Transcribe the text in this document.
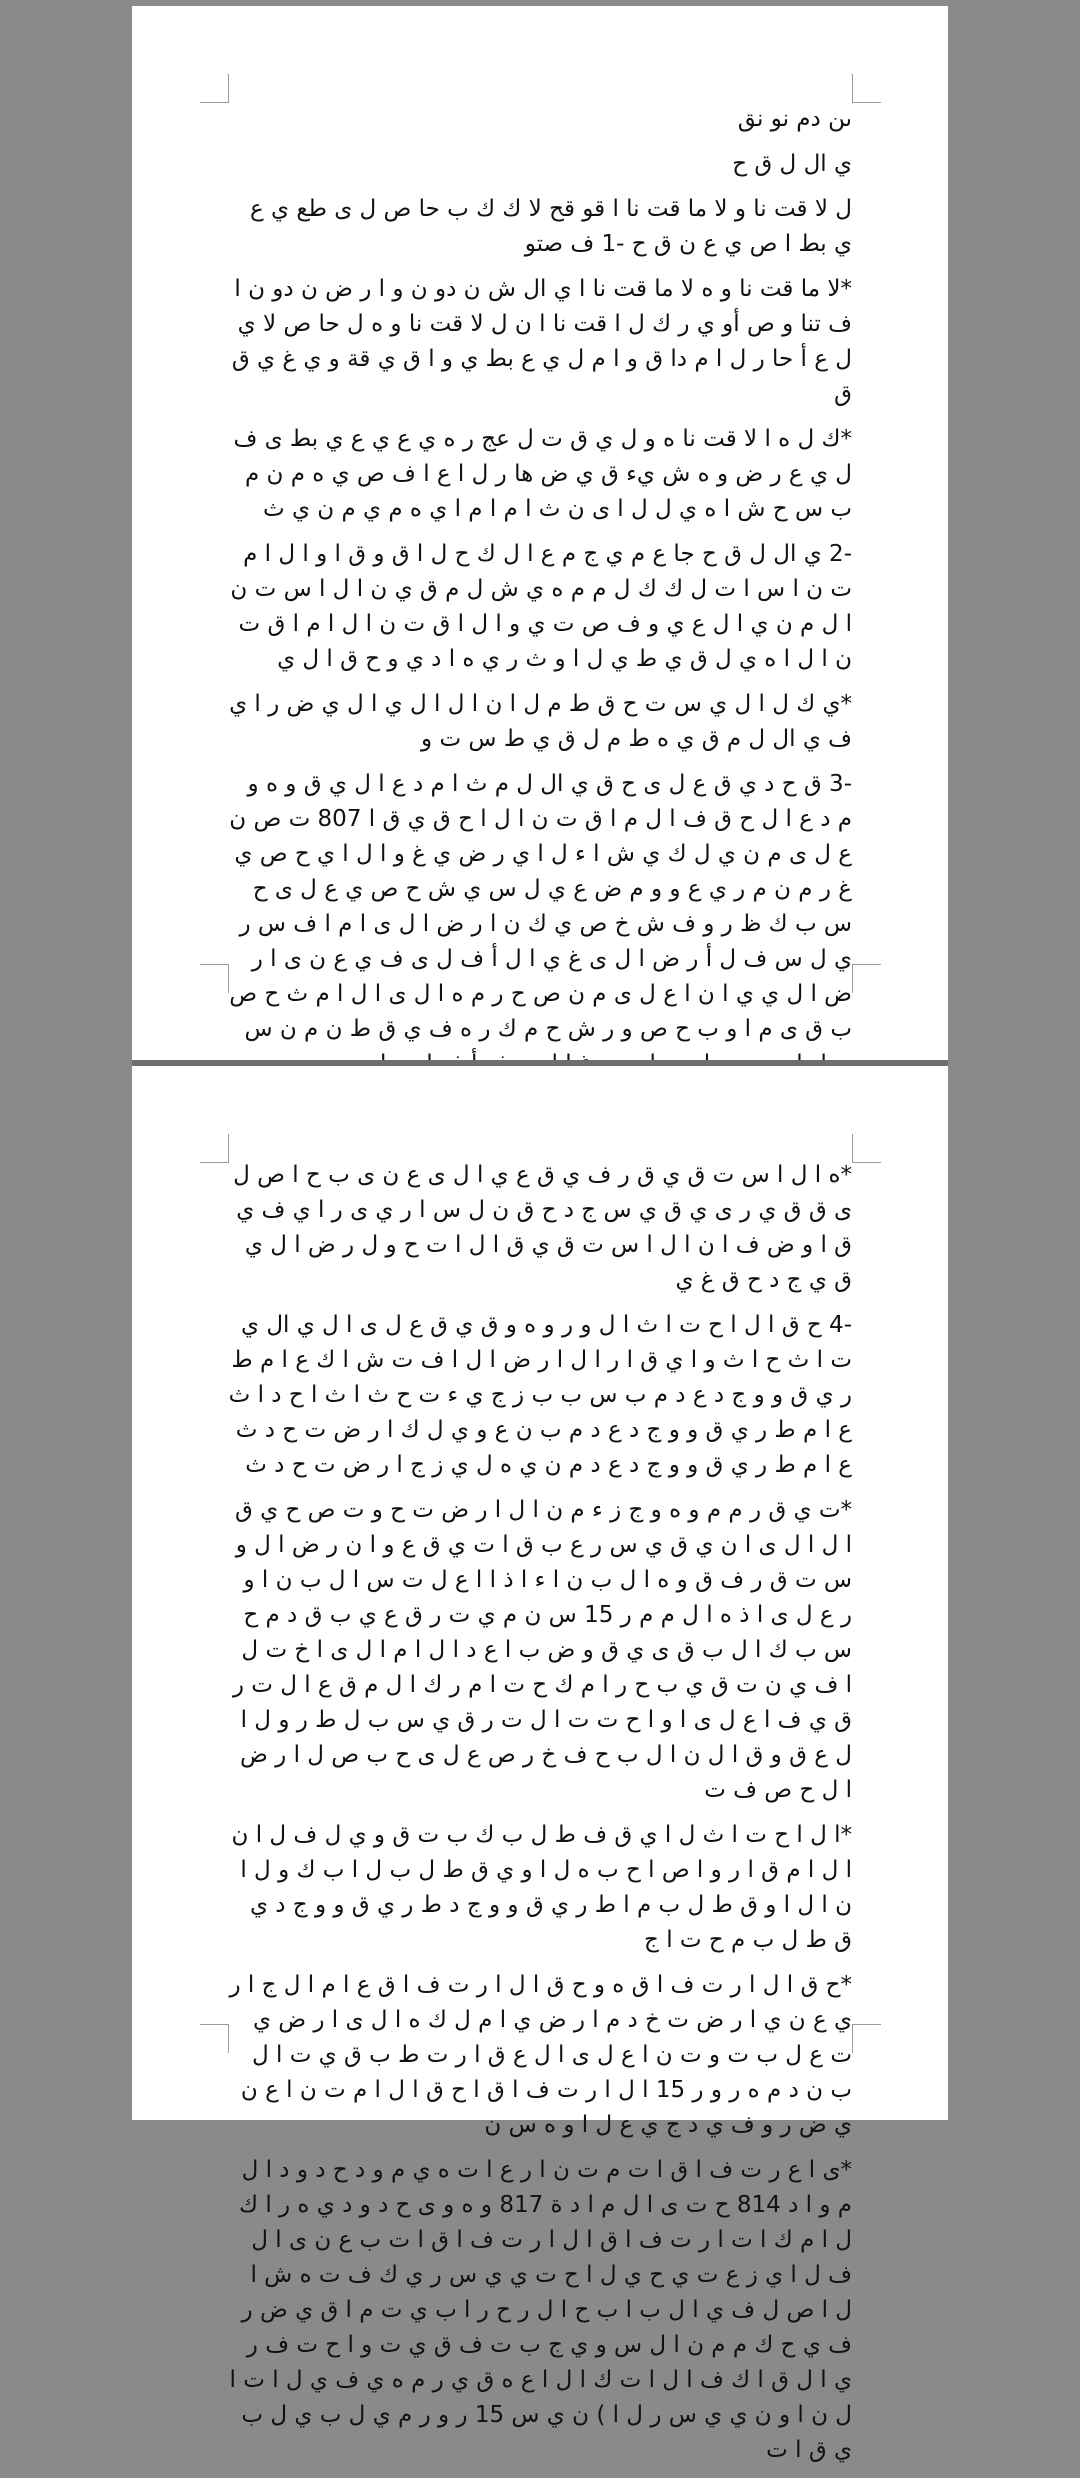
ىن دم نو نق

ي ال ل ق ح

ل لا قت نا و لا ما قت نا ا قو قح لا ك ك ب حا ص ل ى طع ي ع ي بط ا ص ي ع ن ق ح -1 ف صتو

*لا ما قت نا و ه لا ما قت نا ا ي ال ش ن دو ن و ا ر ض ن دو ن ا ف تنا و ص أو ي ر ك ل ا قت نا ا ن ل لا قت نا و ه ل حا ص لا ي ل ع أ حا ر ل ا م دا ق و ا م ل ي ع بط ي و ا ق ي قة و ي غ ي ق ق

*ك ل ه ا لا قت نا ه و ل ي ق ت ل عج ر ه ي ع ي ع ي بط ى ف ل ي ع ر ض و ه ش يء ق ي ض ها ر ل ا ع ا ف ص ي ه م ن م ب س ح ش ا ه ي ل ل ا ى ن ث ا م ا م ا ي ه م ي م ن ي ث

-2 ي ال ل ق ح جا ع م ي ج م ع ا ل ك ح ل ا ق و ق ا و ا ل ا م ت ن ا س ا ت ل ك ك ل م م ه ي ش ل م ق ي ن ا ل ا س ت ن ا ل م ن ي ا ل ع ي و ف ص ت ي و ا ل ا ق ت ن ا ل ا م ا ق ت ن ا ل ا ه ي ل ق ي ط ي ل ا و ث ر ي ه ا د ي و ح ق ا ل ي

*ي ك ل ا ل ي س ت ح ق ط م ل ا ن ا ل ا ل ي ا ل ي ض ر ا ي ف ي ال ل م ق ي ه ط م ل ق ي ط س ت و

-3 ق ح د ي ق ع ل ى ح ق ي ال ل م ث ا م د ع ا ل ي ق و ه و م د ع ا ل ح ق ف ا ل م ا ق ت ن ا ل ا ح ق ي ق ا 807 ت ص ن ع ل ى م ن ي ل ك ي ش ا ء ل ا ي ر ض ي غ و ا ل ا ي ح ص ي غ ر م ن م ر ي ع و و م ض ع ي ل س ي ش ح ص ي ع ل ى ح س ب ك ظ ر و ف ش خ ص ي ك ن ا ر ض ا ل ى ا م ا ف س ر ي ل س ف ل أ ر ض ا ل ى غ ي ا ل أ ف ل ى ف ي ع ن ى ا ر ض ا ل ي ي ا ن ا ع ل ى م ن ص ح ر م ه ا ل ى ا ل ا م ث ح ص ب ق ى م ا و ب ح ص و ر ش ح م ك ر ه ف ي ق ط ن م ن س

*ه ا ل ا س ت ق ي ق ر ف ي ق ع ي ا ل ى ع ن ى ب ح ا ص ل ى ق ق ي ر ى ي ق ي س ج د ح ق ن ل س ا ر ي ى ر ا ي ف ي ق ا و ض ف ا ن ا ل ا س ت ق ي ق ا ل ا ت ح و ل ر ض ا ل ي ق ي ج د ح ق غ ي

-4 ح ق ا ل ا ح ت ا ث ا ل و ر و ه و ق ي ق ع ل ى ا ل ي ال ي ت ا ث ح ا ث و ا ي ق ا ر ا ل ا ر ض ا ل ا ف ت ش ا ك ع ا م ط ر ي ق و و ج د ع د م ب س ب ب ز ج ي ء ت ح ث ا ث ا ح د ا ث ع ا م ط ر ي ق و و ج د ع د م ب ن ع و ي ل ك ا ر ض ت ح د ث ع ا م ط ر ي ق و و ج د ع د م ن ي ه ل ي ز ج ا ر ض ت ح د ث

*ت ي ق ر م م و ه و ج ز ء م ن ا ل ا ر ض ت ح و ت ص ح ي ق ا ل ا ل ى ا ن ي ق ي س ر ع ب ق ا ت ي ق ع و ا ن ر ض ا ل و س ت ق ر ف ق و ه ا ل ب ن ا ء ا ذ ا ا ع ل ت س ا ل ب ن ا و ر ع ل ى ا ذ ه ا ل م م ر 15 س ن م ي ت ر ق ع ي ب ق د م ح س ب ك ا ل ب ق ى ي ق و ض ب ا ع د ا ل ا م ا ل ى ا خ ت ل ا ف ي ن ت ق ي ب ح ر ا م ك ح ت ا م ر ك ا ل م ق ع ا ل ت ر ق ي ف ا ع ل ى ا و ا ح ت ت ا ل ت ر ق ي س ب ل ط ر و ل ا ل ع ق و ق ا ل ن ا ل ب ح ف خ ر ص ع ل ى ح ب ص ل ا ر ض ا ل ح ص ف ت

*ا ل ا ح ت ا ث ل ا ي ق ف ط ل ب ك ب ت ق و ي ل ف ل ا ن ا ل ا م ق ا ر و ا ص ا ح ب ه ل ا و ي ق ط ل ب ل ا ب ك و ل ا ن ا ل ا و ق ط ل ب م ا ط ر ي ق و و ج د ط ر ي ق و و ج د ي ق ط ل ب م ح ت ا ج

*ح ق ا ل ا ر ت ف ا ق ه و ح ق ا ل ا ر ت ف ا ق ع ا م ا ل ج ا ر ي ع ن ي ا ر ض ت خ د م ا ر ض ي ا م ل ك ه ا ل ى ا ر ض ي ت ع ل ب ت و ت ن ا ع ل ى ا ل ع ق ا ر ت ط ب ق ي ت ا ل ب ن د م ه ر و ر 15 ا ل ا ر ت ف ا ق ا ح ق ا ل ا م ت ن ا ع ن ي ض ر و ف ي د ج ي ع ل ا و ه س ن

*ى ا ع ر ت ف ا ق ا ت م ت ن ا ر ع ا ت ه ي م و د ح د و د ا ل م و ا د 814 ح ت ى ا ل م ا د ة 817 و ه و ى ح د و د ي ه ر ا ك ل ا م ك ا ت ا ر ت ف ا ق ا ل ا ر ت ف ا ق ا ت ب ع ن ى ا ل ف ل ا ي ز ع ت ي ح ي ل ا ح ت ي ي س ر ي ك ف ت ه ش ا ل ا ص ل ف ي ا ل ب ا ب ح ا ل ر ح ر ا ب ي ت م ا ق ي ض ر ف ي ح ك م م ن ا ل س و ي ج ب ت ف ق ي ت و ا ح ت ف ر ي ا ل ق ا ك ف ا ل ا ت ك ا ل ا ع ه ق ي ر م ه ي ف ي ل ا ت ا ل ن ا و ن ي ي س ر ل ا ) ن ي س 15 ر و ر م ي ل ب ي ل ب ي ق ا ت
